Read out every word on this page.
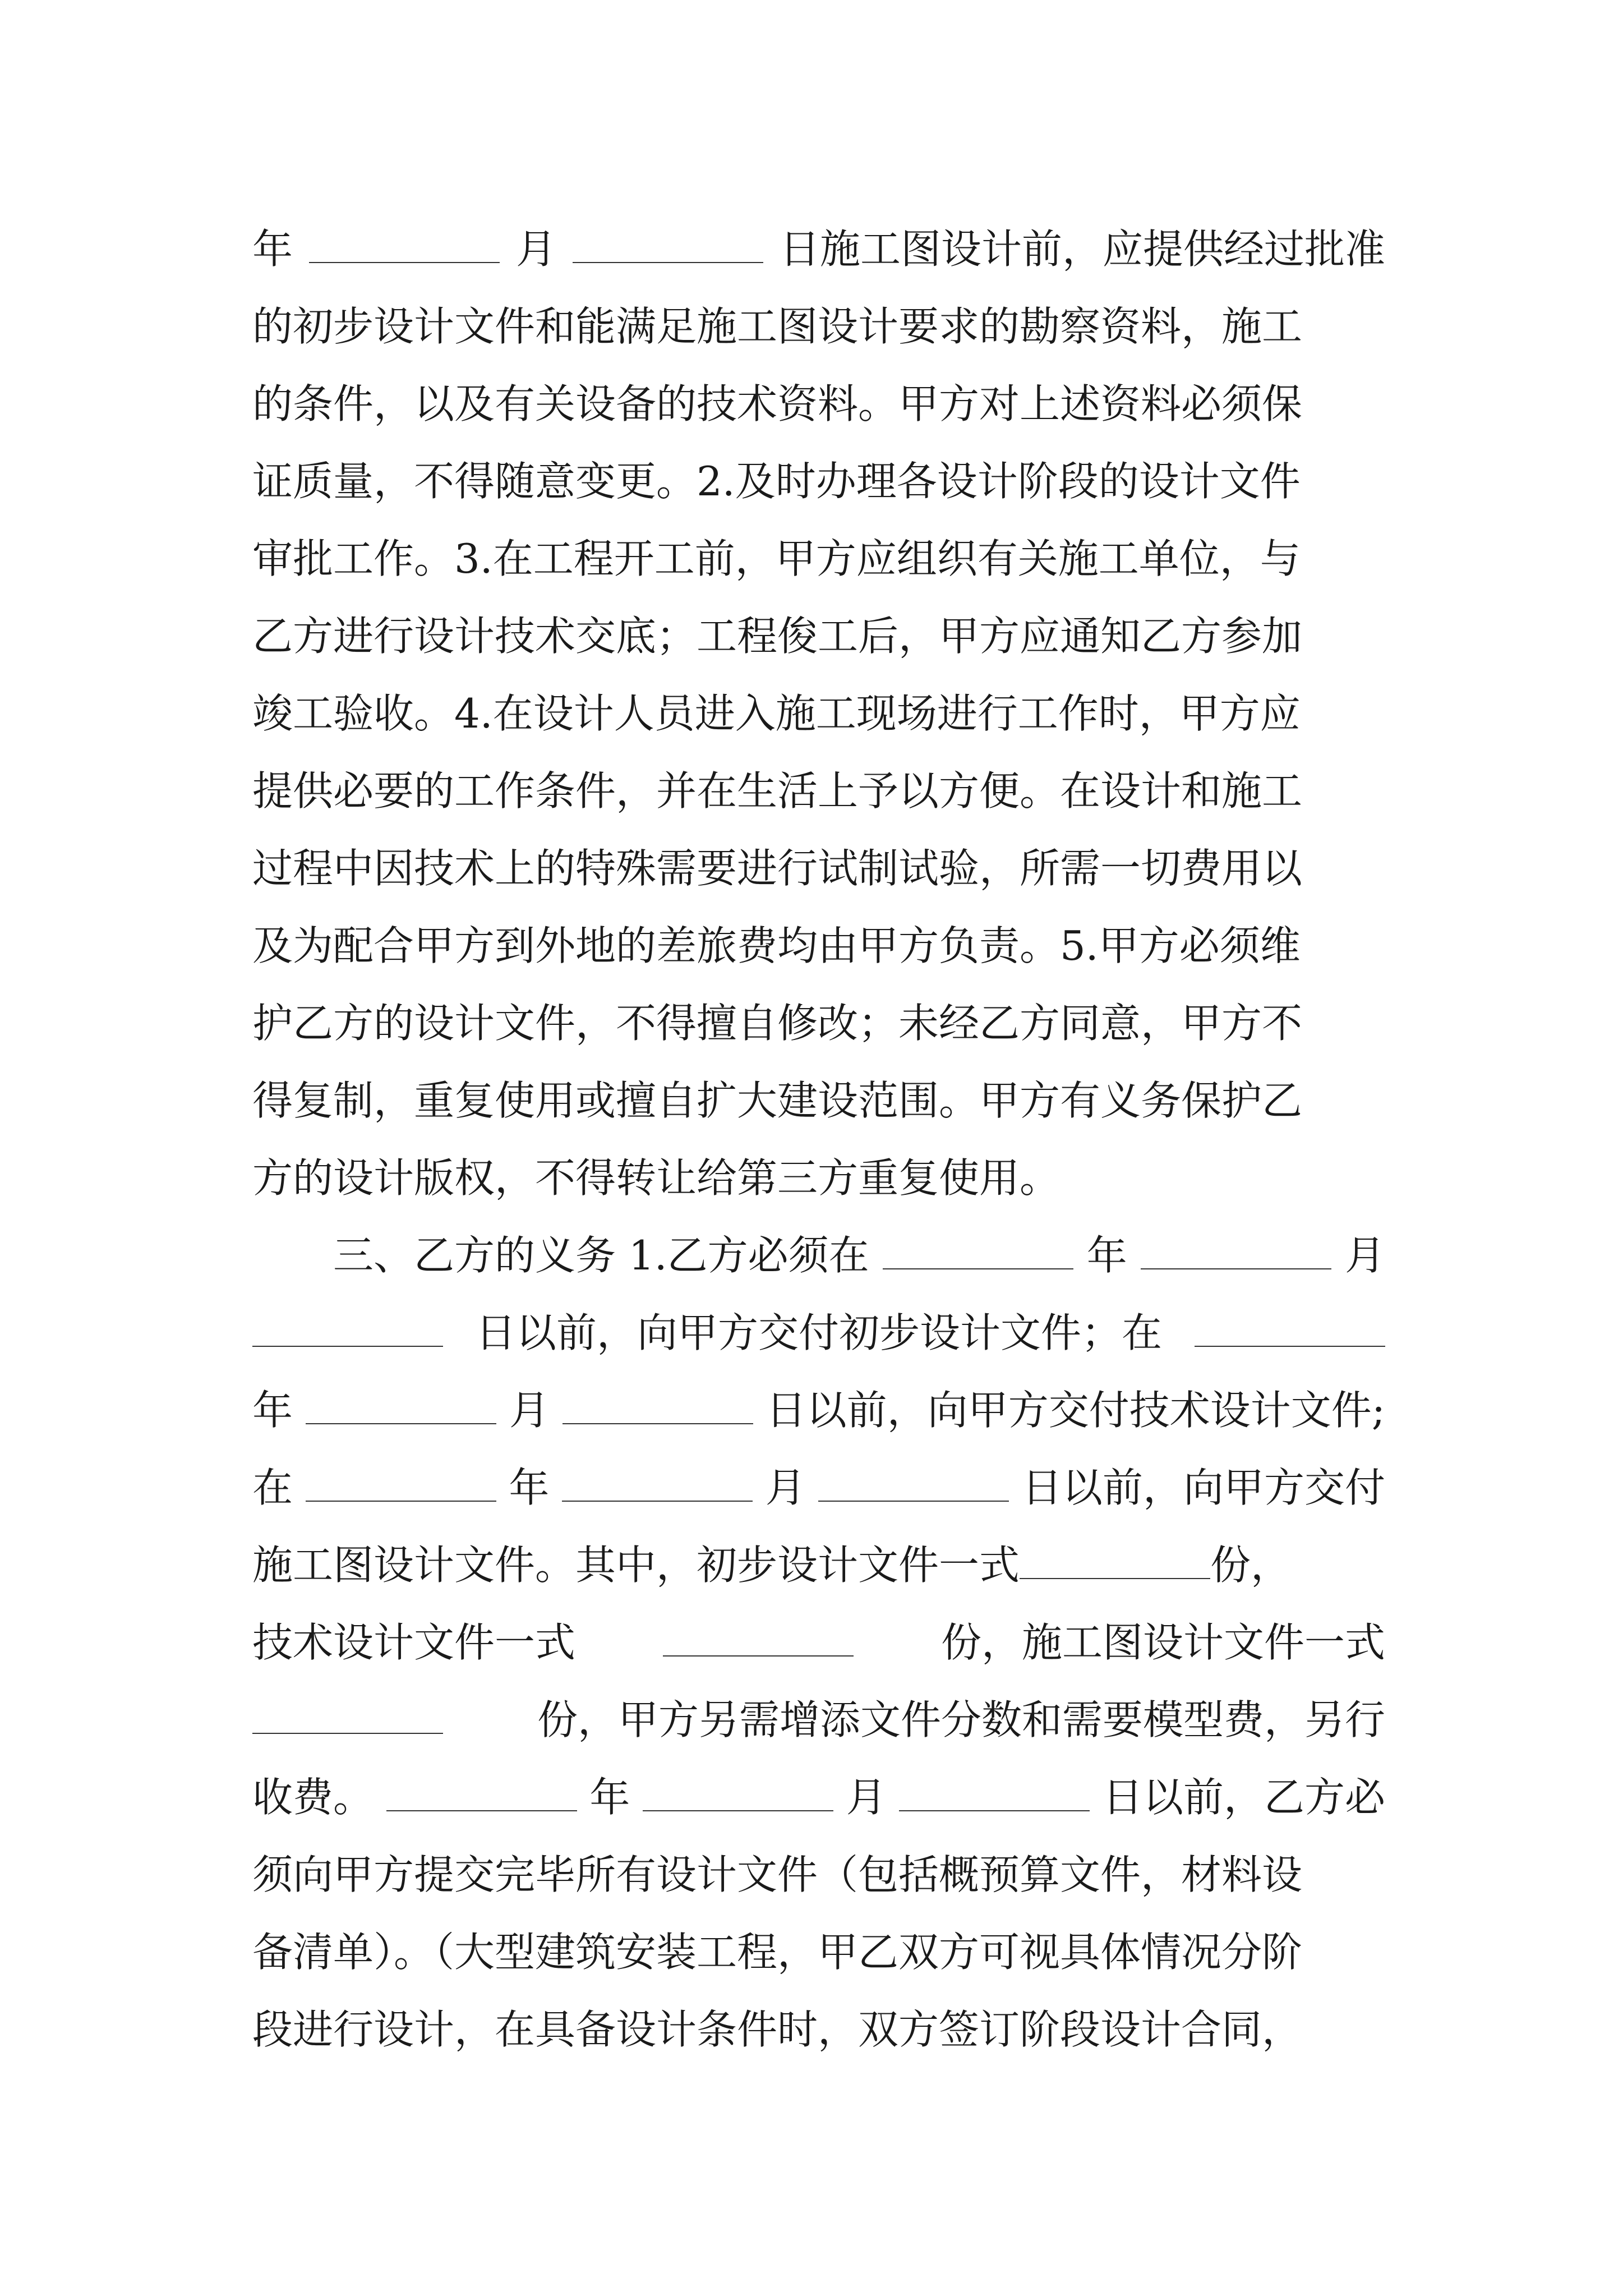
年	月	日施工图设计前，应提供经过批准
的初步设计文件和能满足施工图设计要求的勘察资料，施工
的条件，以及有关设备的技术资料。甲方对上述资料必须保
证质量，不得随意变更。2.及时办理各设计阶段的设计文件
审批工作。3.在工程开工前，甲方应组织有关施工单位，与
乙方进行设计技术交底；工程俊工后，甲方应通知乙方参加
竣工验收。4.在设计人员进入施工现场进行工作时，甲方应
提供必要的工作条件，并在生活上予以方便。在设计和施工
过程中因技术上的特殊需要进行试制试验，所需一切费用以
及为配合甲方到外地的差旅费均由甲方负责。5.甲方必须维
护乙方的设计文件，不得擅自修改；未经乙方同意，甲方不
得复制，重复使用或擅自扩大建设范围。甲方有义务保护乙
方的设计版权，不得转让给第三方重复使用。
三、乙方的义务 1.乙方必须在	年	月
日以前，向甲方交付初步设计文件；在
年	月	日以前，向甲方交付技术设计文件;
在	年	月	日以前，向甲方交付
施工图设计文件。其中，初步设计文件一式	份，
技术设计文件一式	份，施工图设计文件一式
份，甲方另需增添文件分数和需要模型费，另行
收费。	年	月	日以前，乙方必
须向甲方提交完毕所有设计文件（包括概预算文件，材料设
备清单）。（大型建筑安装工程，甲乙双方可视具体情况分阶
段进行设计，在具备设计条件时，双方签订阶段设计合同，
